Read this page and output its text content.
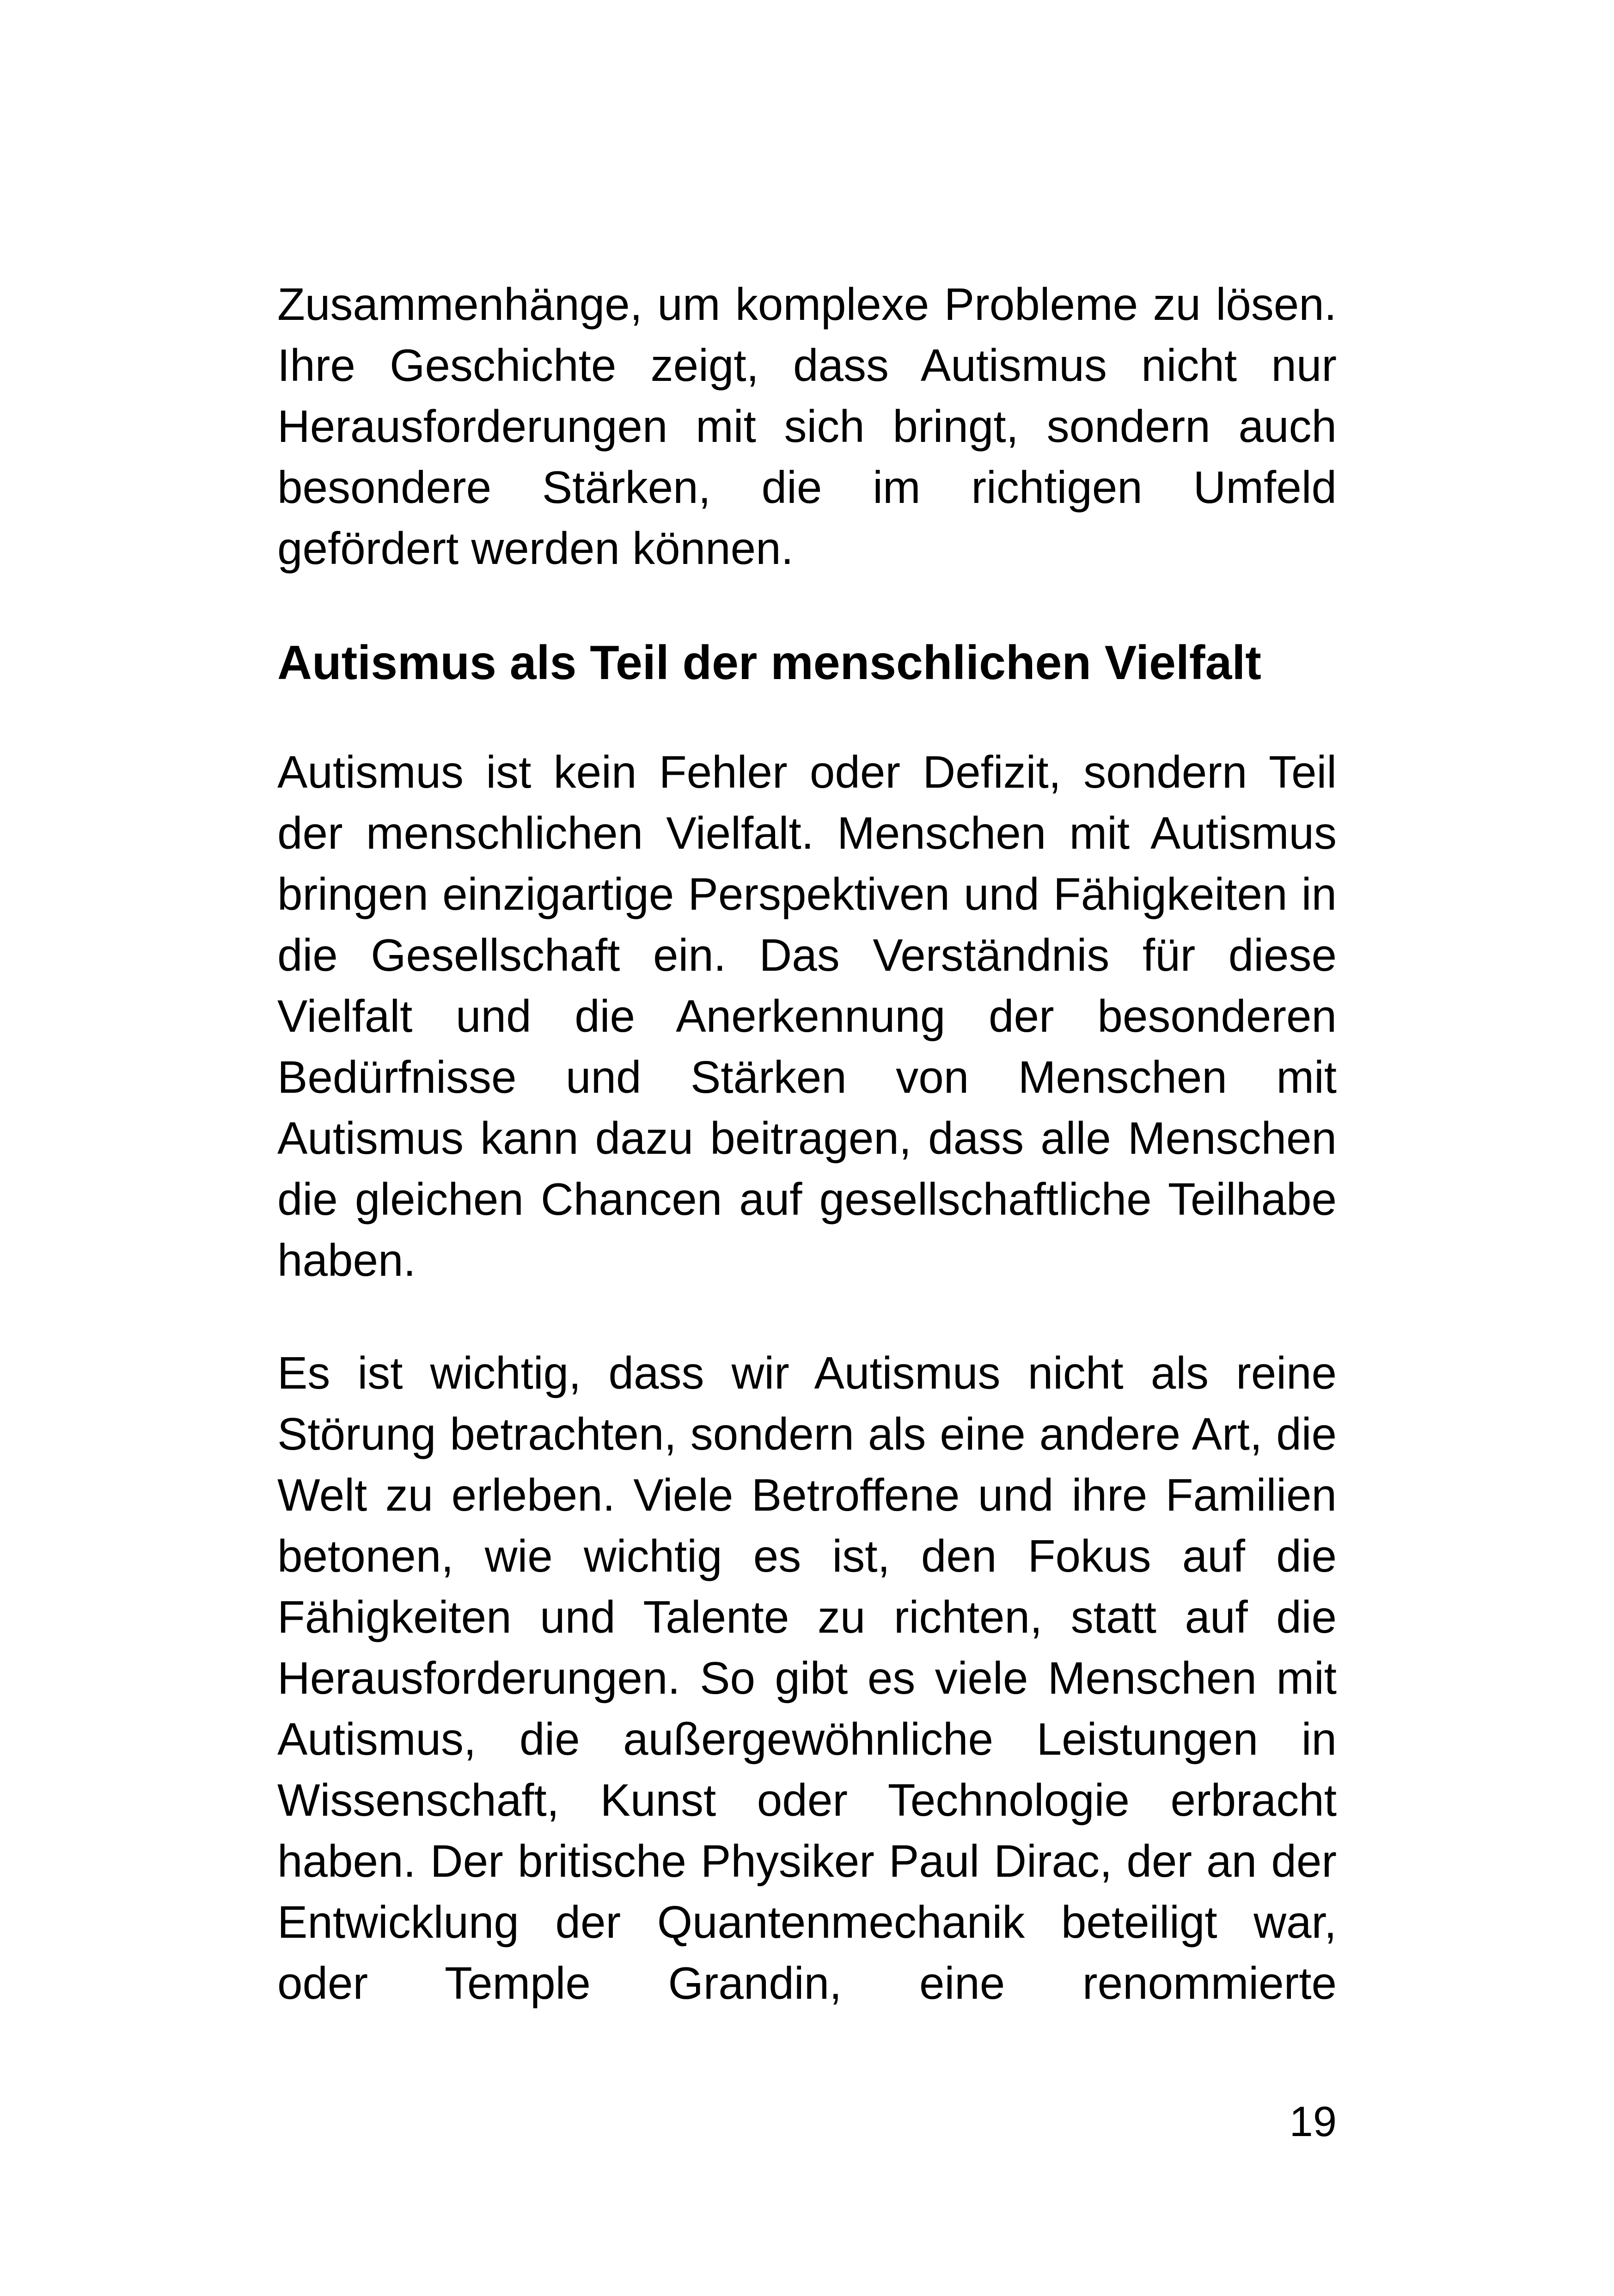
Zusammenhänge, um komplexe Probleme zu lösen. Ihre Geschichte zeigt, dass Autismus nicht nur Herausforderungen mit sich bringt, sondern auch besondere Stärken, die im richtigen Umfeld gefördert werden können.

Autismus als Teil der menschlichen Vielfalt

Autismus ist kein Fehler oder Defizit, sondern Teil der menschlichen Vielfalt. Menschen mit Autismus bringen einzigartige Perspektiven und Fähigkeiten in die Gesellschaft ein. Das Verständnis für diese Vielfalt und die Anerkennung der besonderen Bedürfnisse und Stärken von Menschen mit Autismus kann dazu beitragen, dass alle Menschen die gleichen Chancen auf gesellschaftliche Teilhabe haben.

Es ist wichtig, dass wir Autismus nicht als reine Störung betrachten, sondern als eine andere Art, die Welt zu erleben. Viele Betroffene und ihre Familien betonen, wie wichtig es ist, den Fokus auf die Fähigkeiten und Talente zu richten, statt auf die Herausforderungen. So gibt es viele Menschen mit Autismus, die außergewöhnliche Leistungen in Wissenschaft, Kunst oder Technologie erbracht haben. Der britische Physiker Paul Dirac, der an der Entwicklung der Quantenmechanik beteiligt war, oder Temple Grandin, eine renommierte

19
